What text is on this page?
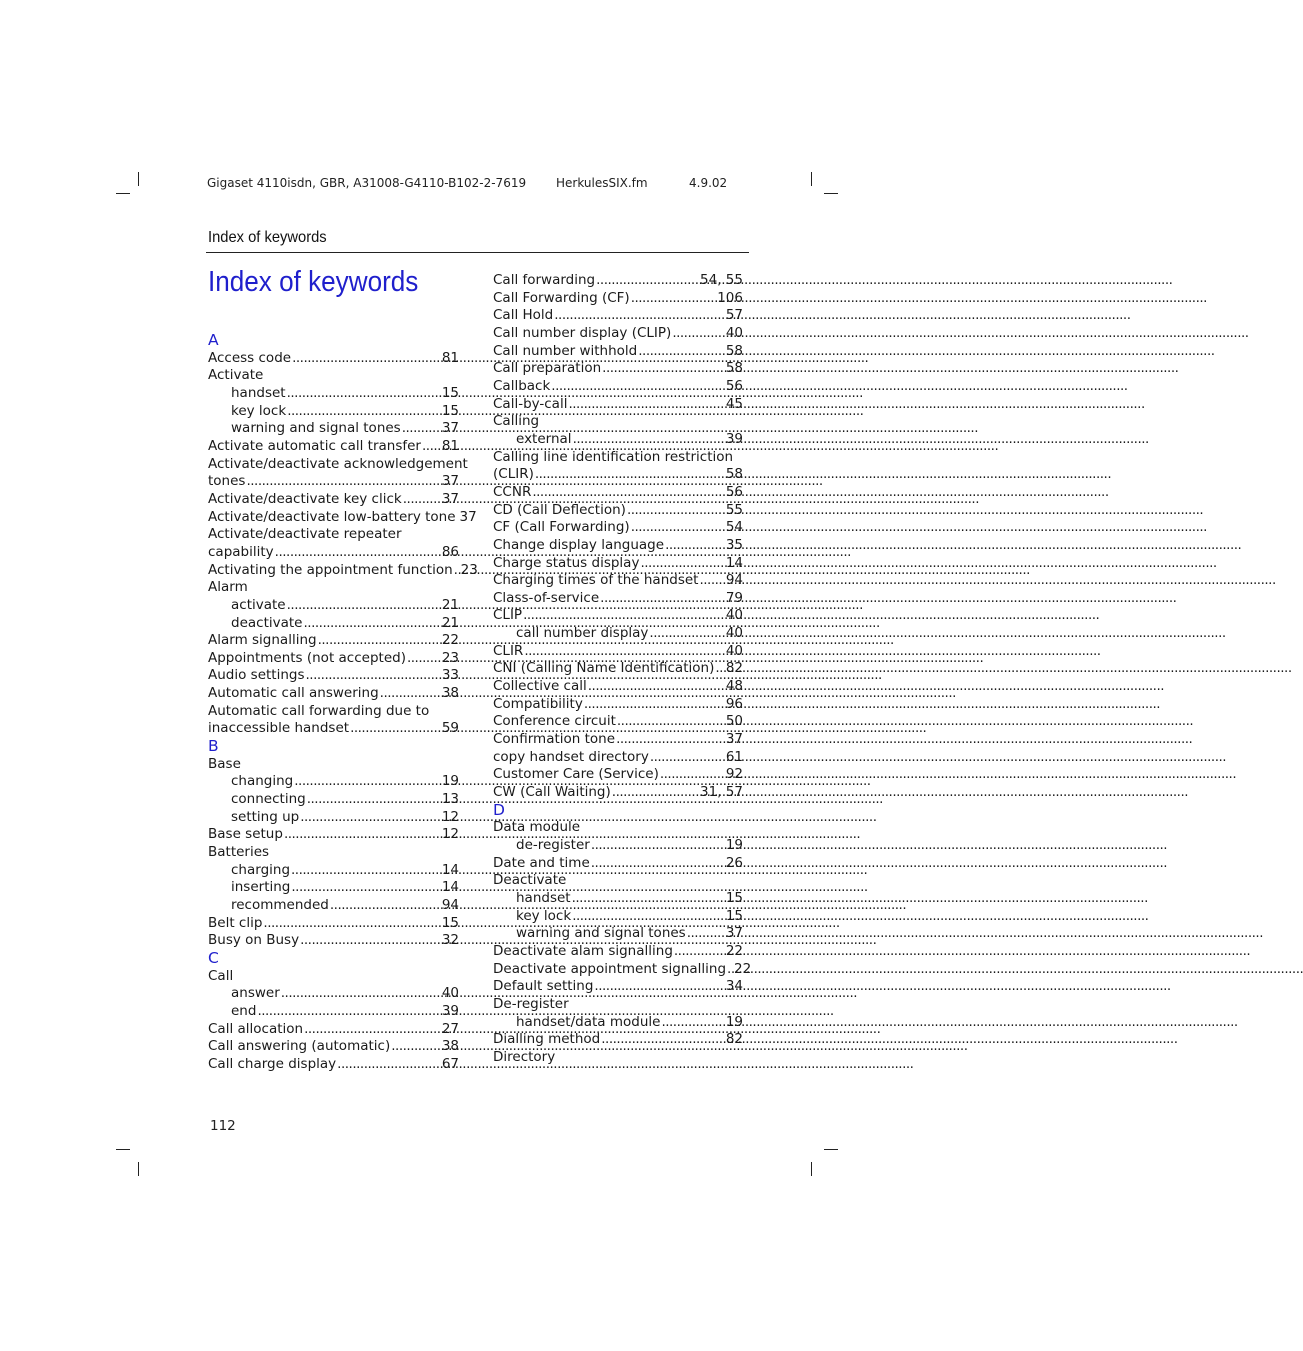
Gigaset 4110isdn, GBR, A31008-G4110-B102-2-7619 HerkulesSIX.fm	4.9.02
Index of keywords
Index of keywords
A
Access code .....	81
Activate
handset .....	15
key lock .....	15
warning and signal tones .....	37
Activate automatic call transfer ..... 81
Activate/deactivate acknowledgement
tones .....	37
Activate/deactivate key click .....	37
Activate/deactivate low-battery tone 37
Activate/deactivate repeater
capability .....	86
Activating the appointment function ..... 23
Alarm
activate .....	21
deactivate .....	21
Alarm signalling .....	22
Appointments (not accepted) .....	23
Audio settings .....	33
Automatic call answering .....	38
Automatic call forwarding due to
inaccessible handset .....	59
B
Base
changing .....	19
connecting .....	13
setting up .....	12
Base setup .....	12
Batteries
charging .....	14
inserting .....	14
recommended .....	94
Belt clip .....	15
Busy on Busy .....	32
C
Call
answer .....	40
end .....	39
Call allocation .....	27
Call answering (automatic) .....	38
Call charge display .....	67
Call forwarding .....	54, 55
Call Forwarding (CF) .....	106
Call Hold .....	57
Call number display (CLIP) .....	40
Call number withhold .....	58
Call preparation .....	58
Callback .....	56
Call-by-call .....	45
Calling
external .....	39
Calling line identification restriction
(CLIR) .....	58
CCNR .....	56
CD (Call Deflection) .....	55
CF (Call Forwarding) .....	54
Change display language .....	35
Charge status display .....	14
Charging times of the handset ..... 94
Class-of-service .....	79
CLIP .....	40
call number display .....	40
CLIR .....	40
CNI (Calling Name Identification) ..... 82
Collective call .....	48
Compatibility .....	96
Conference circuit .....	50
Confirmation tone .....	37
copy handset directory .....	61
Customer Care (Service) .....	92
CW (Call Waiting) .....	31, 57
D
Data module
de-register .....	19
Date and time .....	26
Deactivate
handset .....	15
key lock .....	15
warning and signal tones .....	37
Deactivate alam signalling .....	22
Deactivate appointment signalling ..... 22
Default setting .....	34
De-register
handset/data module .....	19
Dialling method .....	82
Directory
112
